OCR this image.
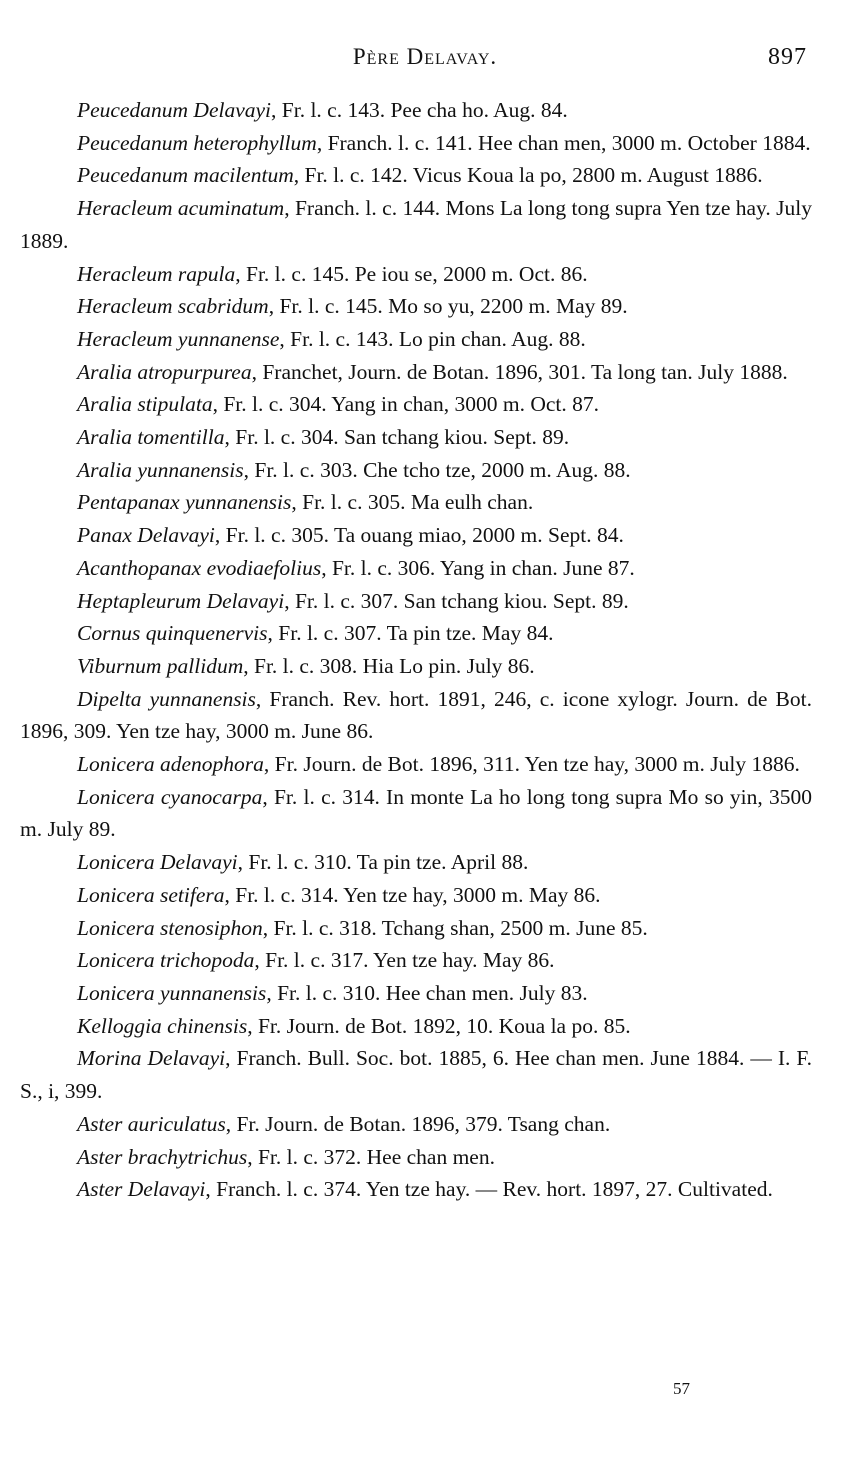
Père Delavay.	897

Peucedanum Delavayi, Fr. l. c. 143. Pee cha ho. Aug. 84.

Peucedanum heterophyllum, Franch. l. c. 141. Hee chan men, 3000 m. October 1884.

Peucedanum macilentum, Fr. l. c. 142. Vicus Koua la po, 2800 m. August 1886.

Heracleum acuminatum, Franch. l. c. 144. Mons La long tong supra Yen tze hay. July 1889.

Heracleum rapula, Fr. l. c. 145. Pe iou se, 2000 m. Oct. 86.

Heracleum scabridum, Fr. l. c. 145. Mo so yu, 2200 m. May 89.

Heracleum yunnanense, Fr. l. c. 143. Lo pin chan. Aug. 88.

Aralia atropurpurea, Franchet, Journ. de Botan. 1896, 301. Ta long tan. July 1888.

Aralia stipulata, Fr. l. c. 304. Yang in chan, 3000 m. Oct. 87.

Aralia tomentilla, Fr. l. c. 304. San tchang kiou. Sept. 89.

Aralia yunnanensis, Fr. l. c. 303. Che tcho tze, 2000 m. Aug. 88.

Pentapanax yunnanensis, Fr. l. c. 305. Ma eulh chan.

Panax Delavayi, Fr. l. c. 305. Ta ouang miao, 2000 m. Sept. 84.

Acanthopanax evodiaefolius, Fr. l. c. 306. Yang in chan. June 87.

Heptapleurum Delavayi, Fr. l. c. 307. San tchang kiou. Sept. 89.

Cornus quinquenervis, Fr. l. c. 307. Ta pin tze. May 84.

Viburnum pallidum, Fr. l. c. 308. Hia Lo pin. July 86.

Dipelta yunnanensis, Franch. Rev. hort. 1891, 246, c. icone xylogr. Journ. de Bot. 1896, 309. Yen tze hay, 3000 m. June 86.

Lonicera adenophora, Fr. Journ. de Bot. 1896, 311. Yen tze hay, 3000 m. July 1886.

Lonicera cyanocarpa, Fr. l. c. 314. In monte La ho long tong supra Mo so yin, 3500 m. July 89.

Lonicera Delavayi, Fr. l. c. 310. Ta pin tze. April 88.

Lonicera setifera, Fr. l. c. 314. Yen tze hay, 3000 m. May 86.

Lonicera stenosiphon, Fr. l. c. 318. Tchang shan, 2500 m. June 85.

Lonicera trichopoda, Fr. l. c. 317. Yen tze hay. May 86.

Lonicera yunnanensis, Fr. l. c. 310. Hee chan men. July 83.

Kelloggia chinensis, Fr. Journ. de Bot. 1892, 10. Koua la po. 85.

Morina Delavayi, Franch. Bull. Soc. bot. 1885, 6. Hee chan men. June 1884. — I. F. S., i, 399.

Aster auriculatus, Fr. Journ. de Botan. 1896, 379. Tsang chan.

Aster brachytrichus, Fr. l. c. 372. Hee chan men.

Aster Delavayi, Franch. l. c. 374. Yen tze hay. — Rev. hort. 1897, 27. Cultivated.

57
